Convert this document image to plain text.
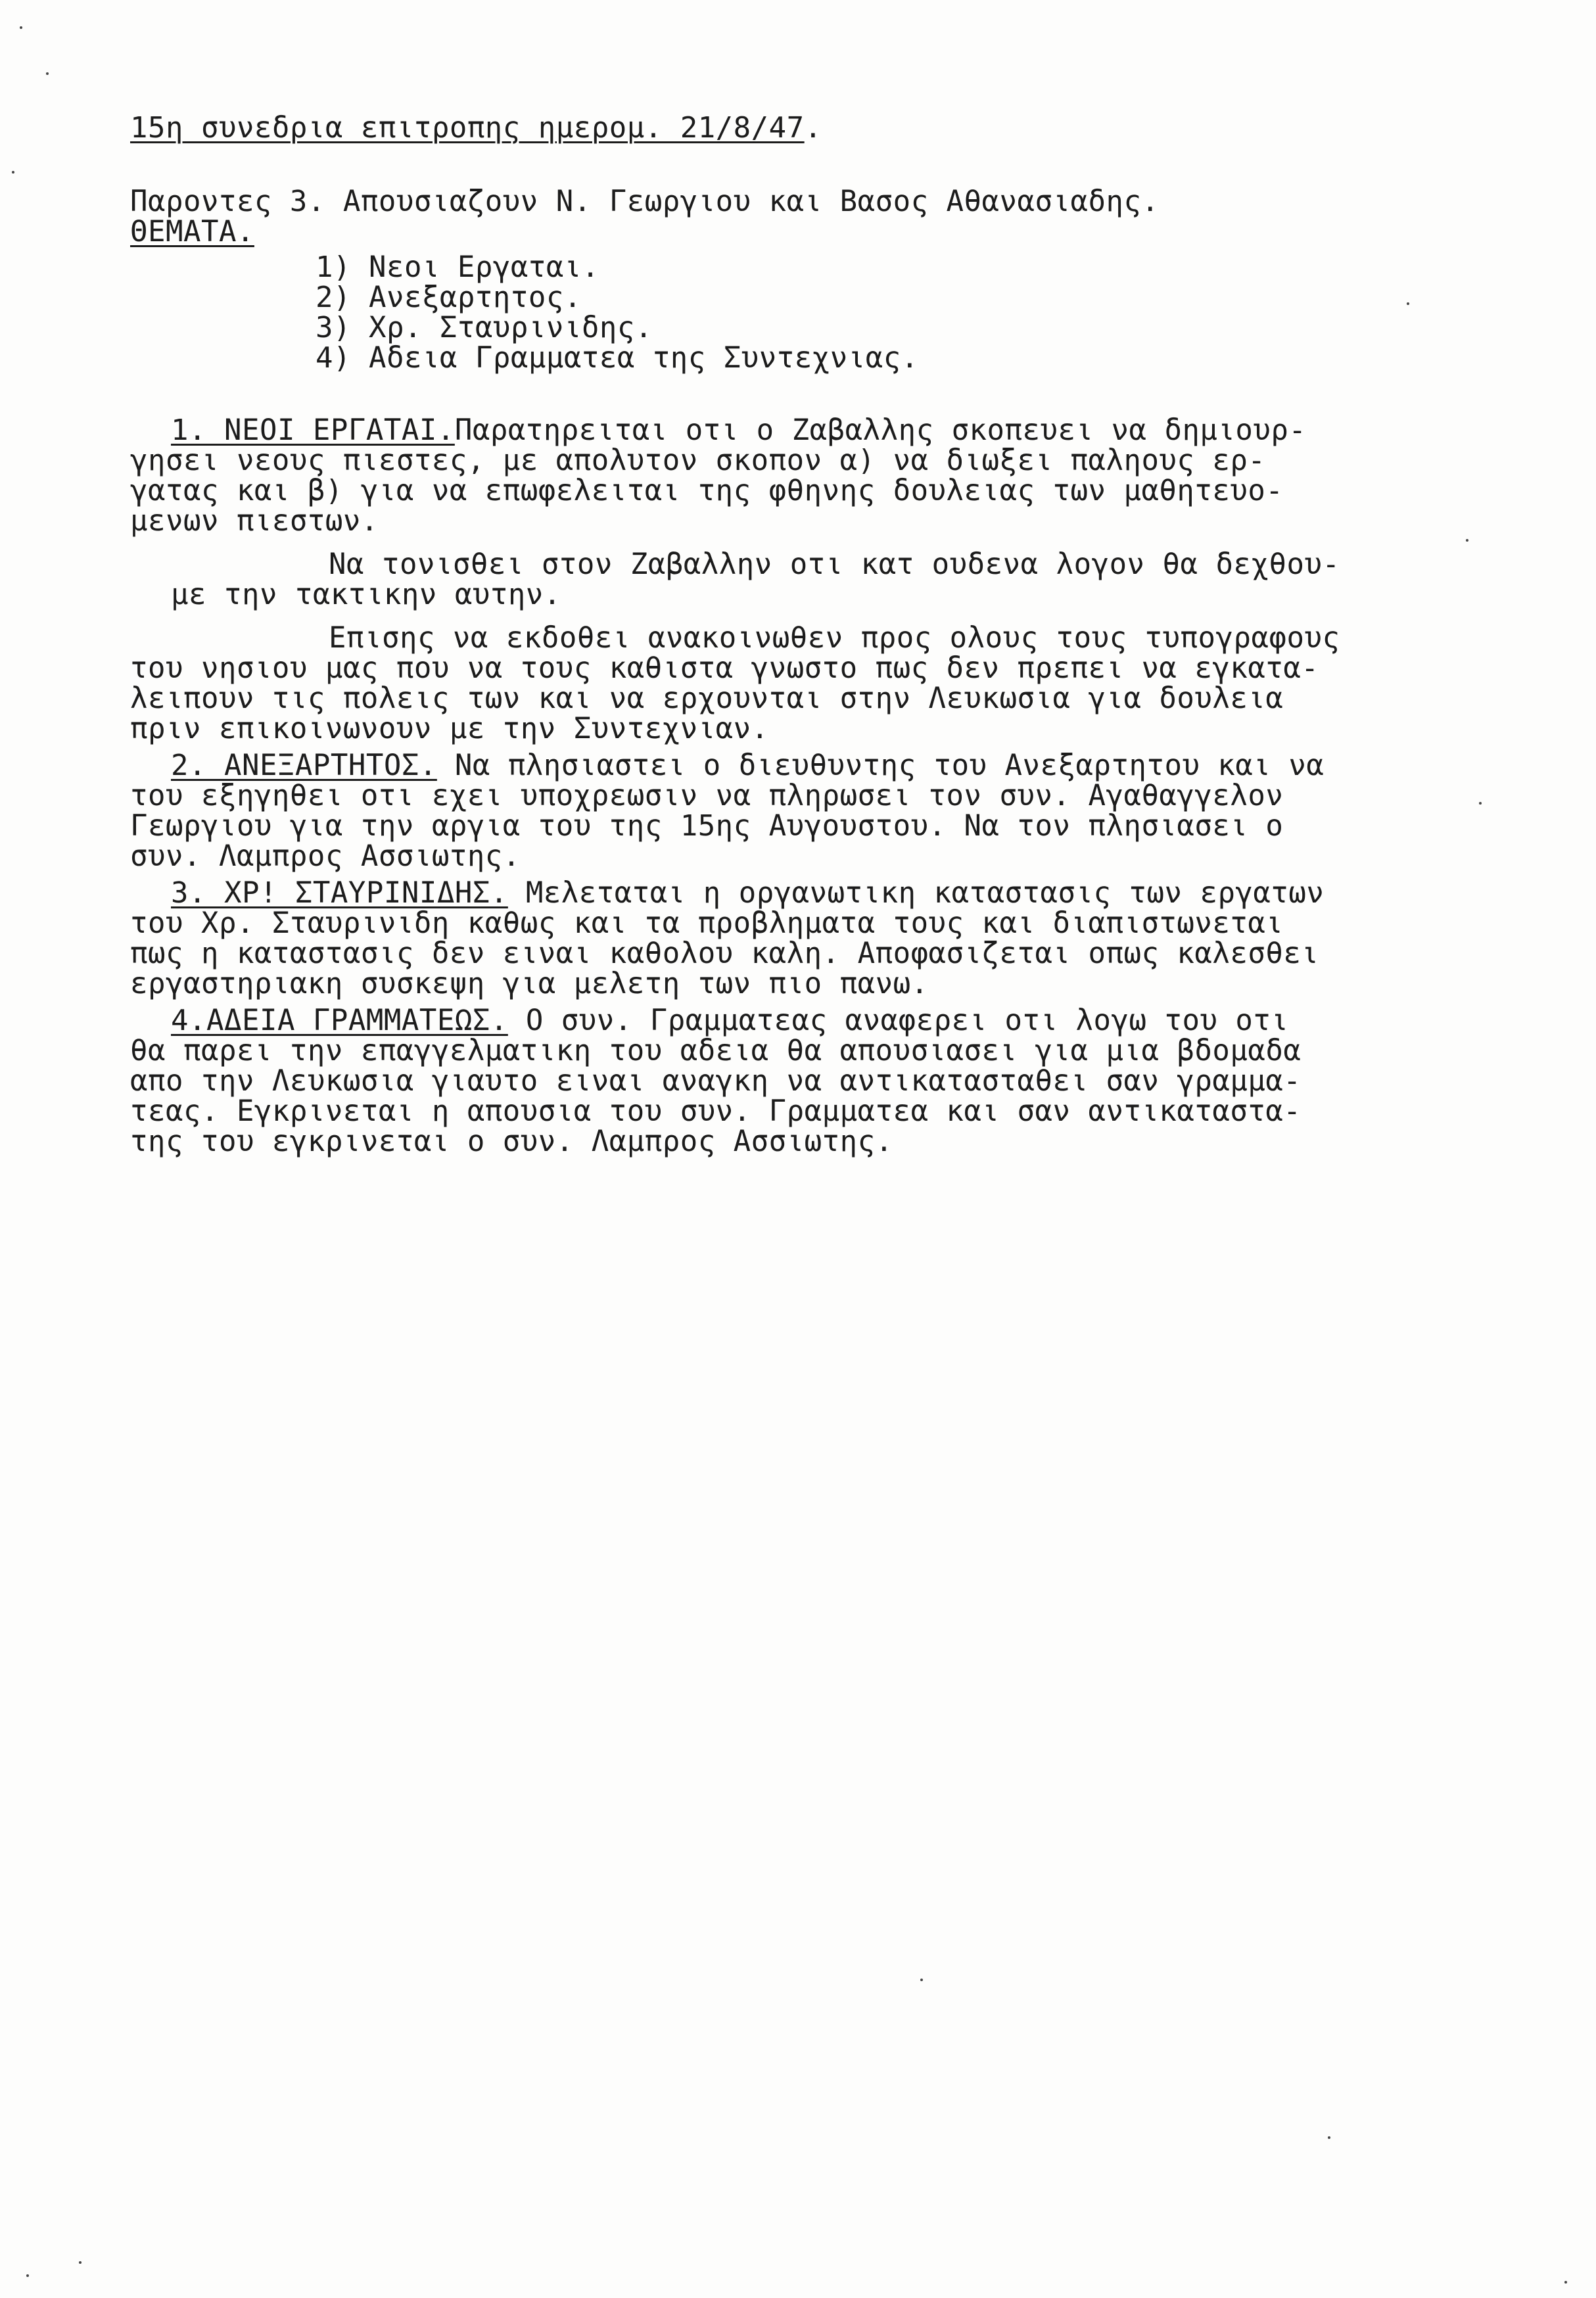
15η συνεδρια επιτροπης ημερομ. 21/8/47.
Παροντες 3. Απουσιαζουν Ν. Γεωργιου και Βασος Αθανασιαδης.
ΘΕΜΑΤΑ.
1) Νεοι Εργαται.
2) Ανεξαρτητος.
3) Χρ. Σταυρινιδης.
4) Αδεια Γραμματεα της Συντεχνιας.
1. ΝΕΟΙ ΕΡΓΑΤΑΙ.Παρατηρειται οτι ο Ζαβαλλης σκοπευει να δημιουρ-
γησει νεους πιεστες, με απολυτον σκοπον α) να διωξει παληους ερ-
γατας και β) για να επωφελειται της φθηνης δουλειας των μαθητευο-
μενων πιεστων.
Να τονισθει στον Ζαβαλλην οτι κατ ουδενα λογον θα δεχθου-
με την τακτικην αυτην.
Επισης να εκδοθει ανακοινωθεν προς ολους τους τυπογραφους
του νησιου μας που να τους καθιστα γνωστο πως δεν πρεπει να εγκατα-
λειπουν τις πολεις των και να ερχουνται στην Λευκωσια για δουλεια
πριν επικοινωνουν με την Συντεχνιαν.
2. ΑΝΕΞΑΡΤΗΤΟΣ. Να πλησιαστει ο διευθυντης του Ανεξαρτητου και να
του εξηγηθει οτι εχει υποχρεωσιν να πληρωσει τον συν. Αγαθαγγελον
Γεωργιου για την αργια του της 15ης Αυγουστου. Να τον πλησιασει ο
συν. Λαμπρος Ασσιωτης.
3. ΧΡ! ΣΤΑΥΡΙΝΙΔΗΣ. Μελεταται η οργανωτικη καταστασις των εργατων
του Χρ. Σταυρινιδη καθως και τα προβληματα τους και διαπιστωνεται
πως η καταστασις δεν ειναι καθολου καλη. Αποφασιζεται οπως καλεσθει
εργαστηριακη συσκεψη για μελετη των πιο πανω.
4.ΑΔΕΙΑ ΓΡΑΜΜΑΤΕΩΣ. Ο συν. Γραμματεας αναφερει οτι λογω του οτι
θα παρει την επαγγελματικη του αδεια θα απουσιασει για μια βδομαδα
απο την Λευκωσια γιαυτο ειναι αναγκη να αντικατασταθει σαν γραμμα-
τεας. Εγκρινεται η απουσια του συν. Γραμματεα και σαν αντικαταστα-
της του εγκρινεται ο συν. Λαμπρος Ασσιωτης.
